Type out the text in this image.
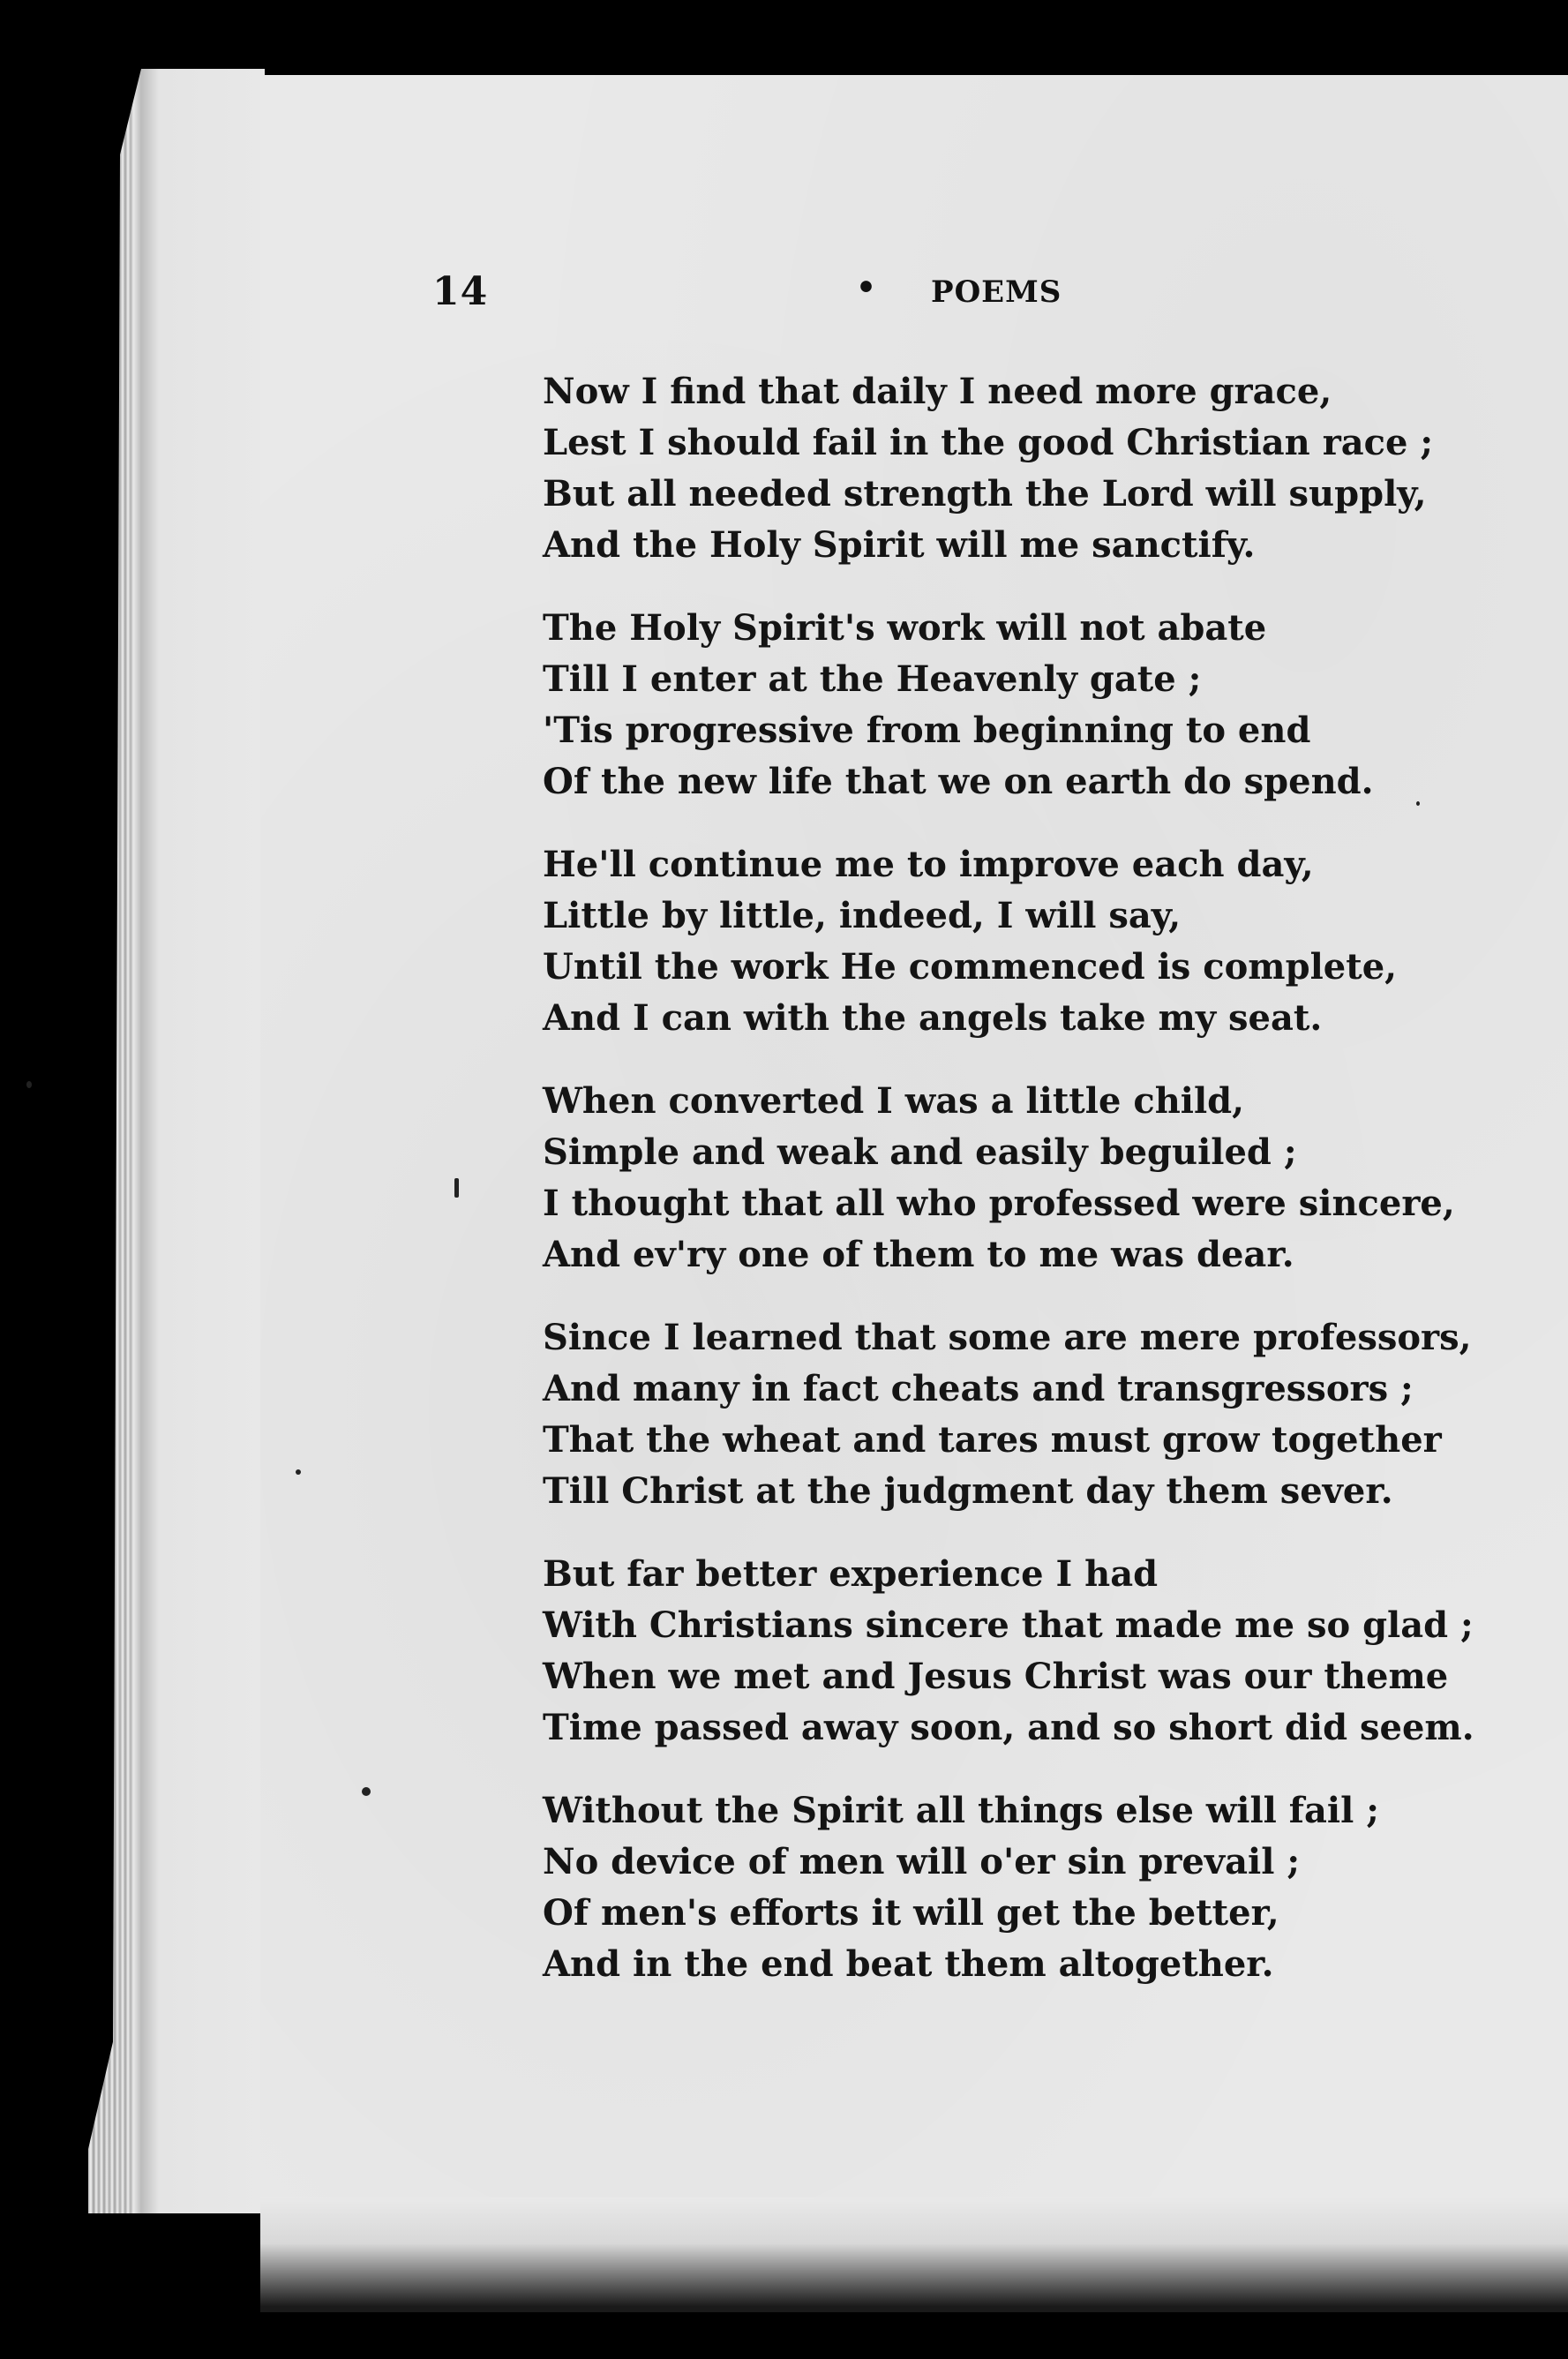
14	• POEMS
Now I find that daily I need more grace,
Lest I should fail in the good Christian race ;
But all needed strength the Lord will supply,
And the Holy Spirit will me sanctify.
The Holy Spirit's work will not abate
Till I enter at the Heavenly gate ;
'Tis progressive from beginning to end
Of the new life that we on earth do spend.
He'll continue me to improve each day,
Little by little, indeed, I will say,
Until the work He commenced is complete,
And I can with the angels take my seat.
When converted I was a little child,
Simple and weak and easily beguiled ;
I thought that all who professed were sincere,
And ev'ry one of them to me was dear.
Since I learned that some are mere professors,
And many in fact cheats and transgressors ;
That the wheat and tares must grow together
Till Christ at the judgment day them sever.
But far better experience I had
With Christians sincere that made me so glad ;
When we met and Jesus Christ was our theme
Time passed away soon, and so short did seem.
Without the Spirit all things else will fail ;
No device of men will o'er sin prevail ;
Of men's efforts it will get the better,
And in the end beat them altogether.
